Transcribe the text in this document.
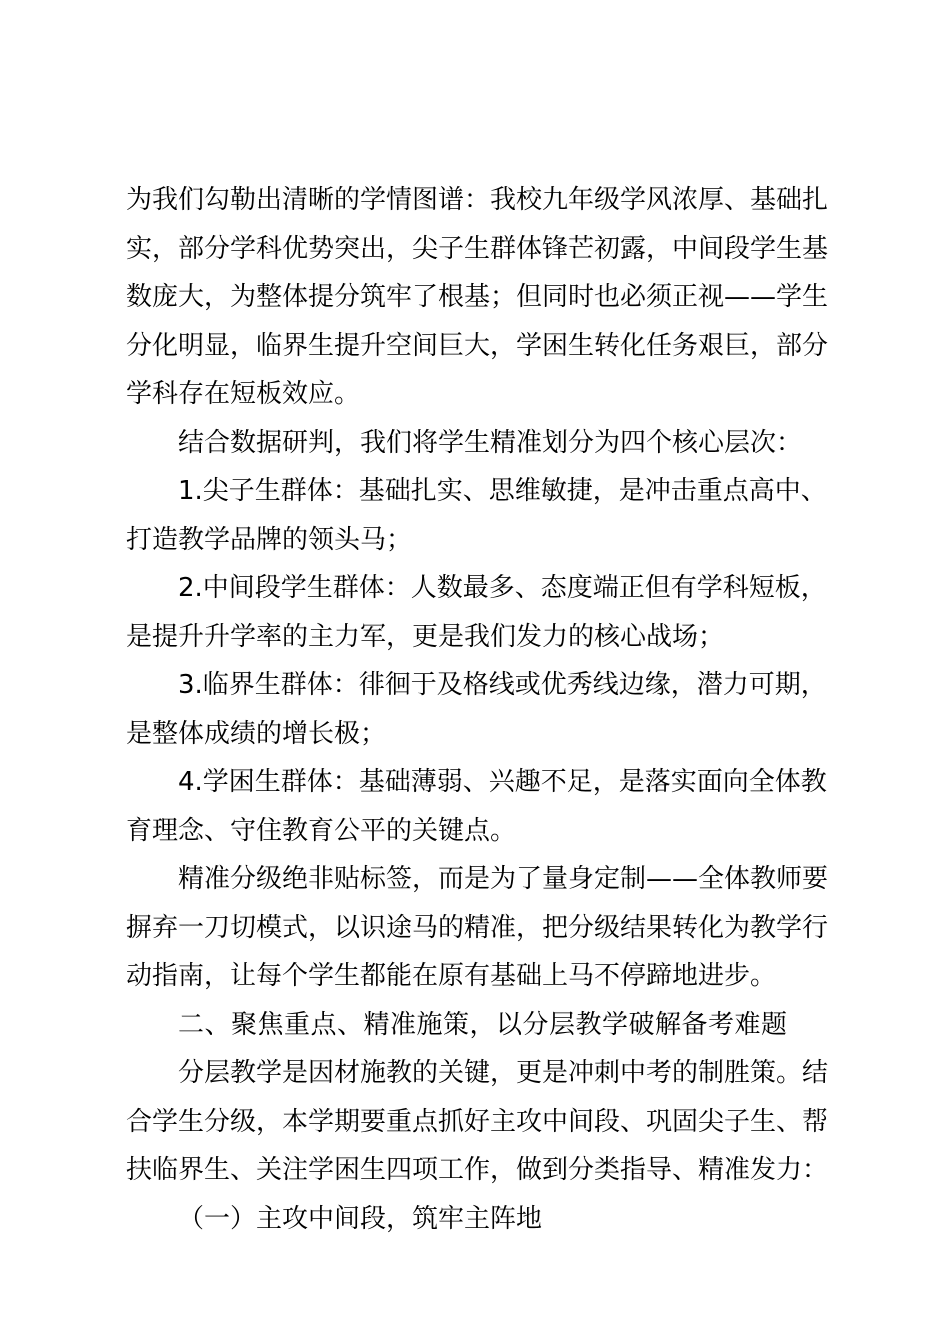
为我们勾勒出清晰的学情图谱：我校九年级学风浓厚、基础扎
实，部分学科优势突出，尖子生群体锋芒初露，中间段学生基
数庞大，为整体提分筑牢了根基；但同时也必须正视——学生
分化明显，临界生提升空间巨大，学困生转化任务艰巨，部分
学科存在短板效应。
结合数据研判，我们将学生精准划分为四个核心层次：
1.尖子生群体：基础扎实、思维敏捷，是冲击重点高中、
打造教学品牌的领头马；
2.中间段学生群体：人数最多、态度端正但有学科短板，
是提升升学率的主力军，更是我们发力的核心战场；
3.临界生群体：徘徊于及格线或优秀线边缘，潜力可期，
是整体成绩的增长极；
4.学困生群体：基础薄弱、兴趣不足，是落实面向全体教
育理念、守住教育公平的关键点。
精准分级绝非贴标签，而是为了量身定制——全体教师要
摒弃一刀切模式，以识途马的精准，把分级结果转化为教学行
动指南，让每个学生都能在原有基础上马不停蹄地进步。
二、聚焦重点、精准施策，以分层教学破解备考难题
分层教学是因材施教的关键，更是冲刺中考的制胜策。结
合学生分级，本学期要重点抓好主攻中间段、巩固尖子生、帮
扶临界生、关注学困生四项工作，做到分类指导、精准发力：
（一）主攻中间段，筑牢主阵地
